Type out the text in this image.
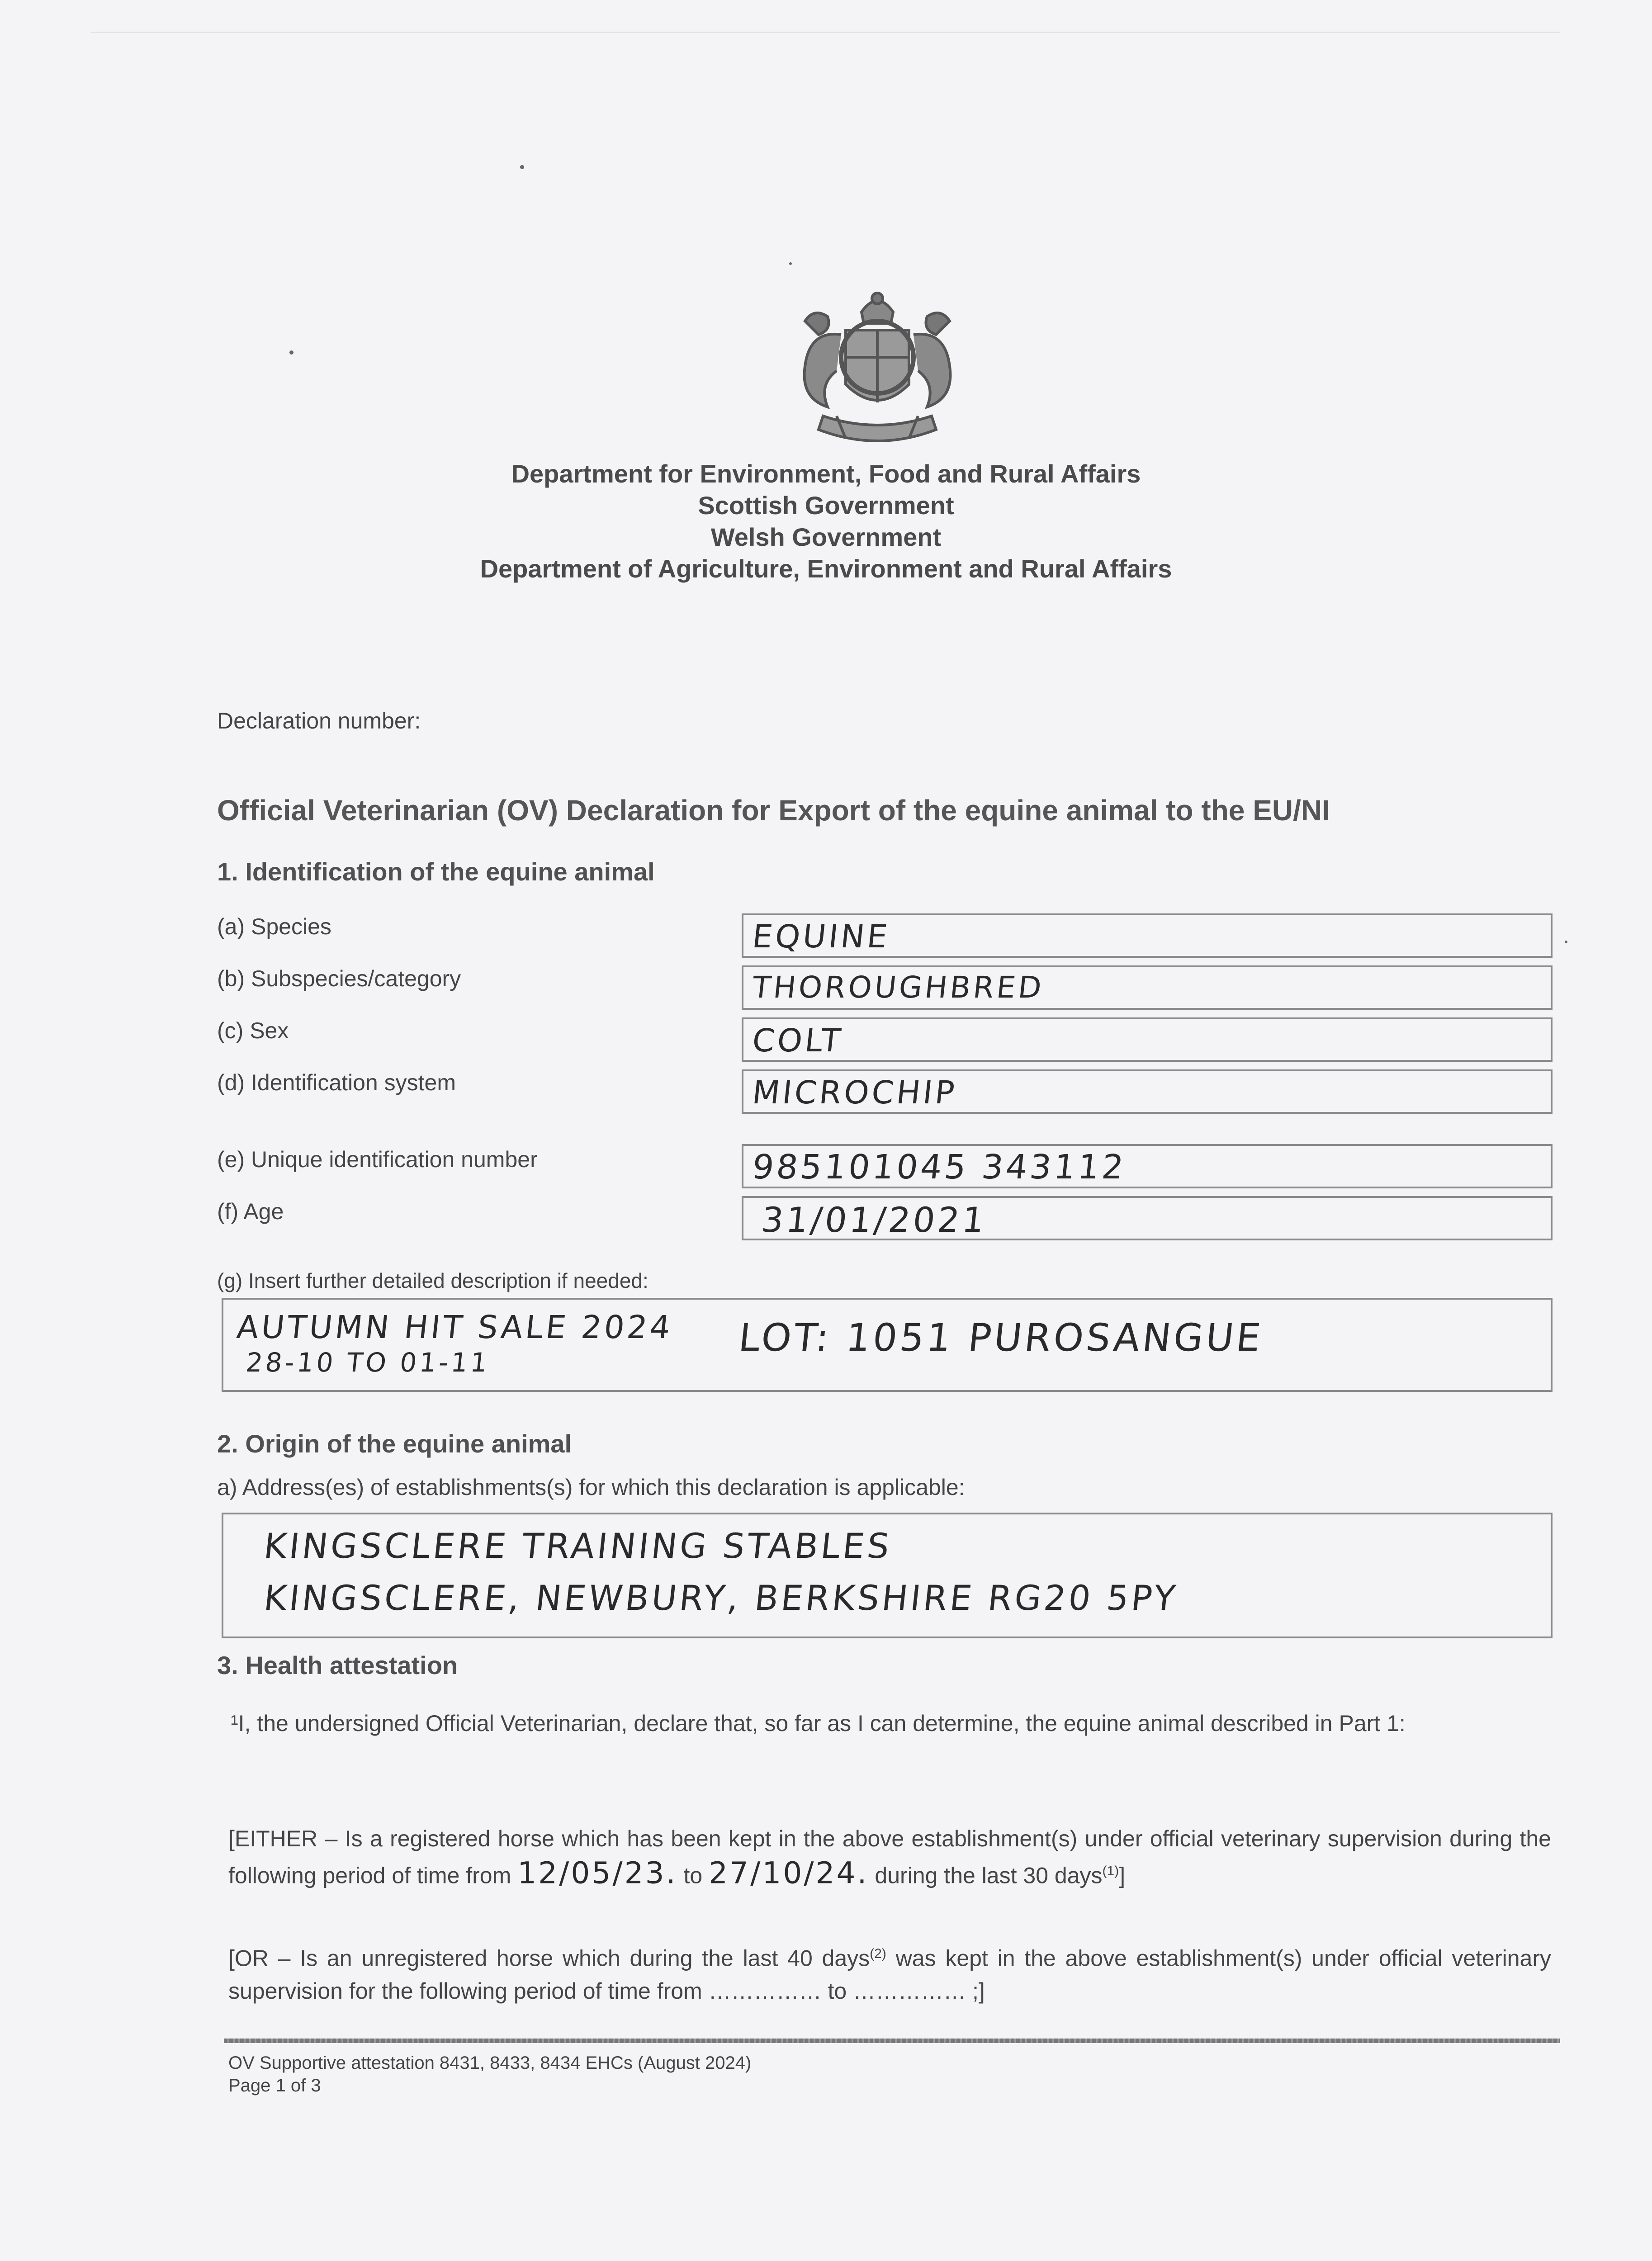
Department for Environment, Food and Rural Affairs
Scottish Government
Welsh Government
Department of Agriculture, Environment and Rural Affairs
Declaration number:
Official Veterinarian (OV) Declaration for Export of the equine animal to the EU/NI
1. Identification of the equine animal
(a) Species	EQUINE
(b) Subspecies/category	THOROUGHBRED
(c) Sex	COLT
(d) Identification system	MICROCHIP
(e) Unique identification number	985101045 343112
(f) Age	31/01/2021
(g) Insert further detailed description if needed:
AUTUMN HIT SALE 2024
28-10 TO 01-11
LOT: 1051 PUROSANGUE
2. Origin of the equine animal
a) Address(es) of establishments(s) for which this declaration is applicable:
KINGSCLERE TRAINING STABLES
KINGSCLERE, NEWBURY, BERKSHIRE RG20 5PY
3. Health attestation
¹I, the undersigned Official Veterinarian, declare that, so far as I can determine, the equine animal described in Part 1:
[EITHER – Is a registered horse which has been kept in the above establishment(s) under official veterinary supervision during the following period of time from 12/05/23. to 27/10/24. during the last 30 days$^{(1)}$]
[OR – Is an unregistered horse which during the last 40 days$^{(2)}$ was kept in the above establishment(s) under official veterinary supervision for the following period of time from …………… to …………… ;]
OV Supportive attestation 8431, 8433, 8434 EHCs (August 2024)
Page 1 of 3
